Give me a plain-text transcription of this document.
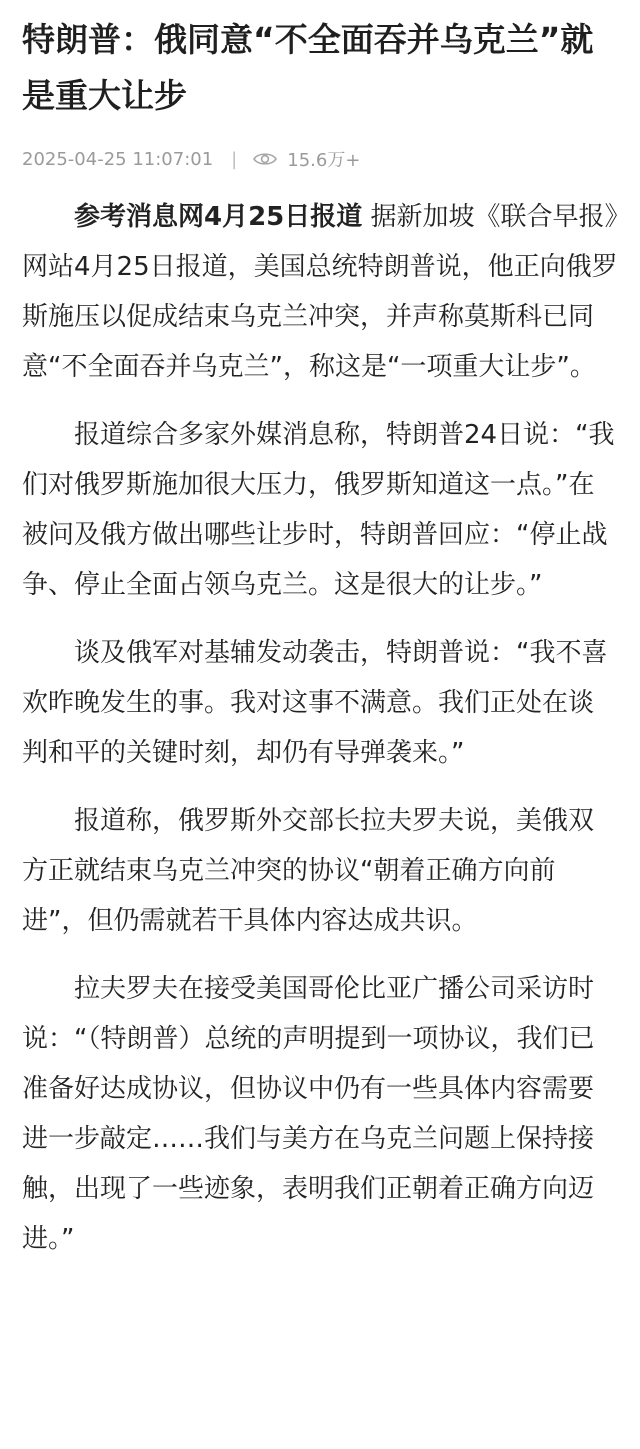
特朗普：俄同意“不全面吞并乌克兰”就是重大让步
2025-04-25 11:07:01 |	15.6万+

参考消息网4月25日报道 据新加坡《联合早报》网站4月25日报道，美国总统特朗普说，他正向俄罗斯施压以促成结束乌克兰冲突，并声称莫斯科已同意“不全面吞并乌克兰”，称这是“一项重大让步”。

报道综合多家外媒消息称，特朗普24日说：“我们对俄罗斯施加很大压力，俄罗斯知道这一点。”在被问及俄方做出哪些让步时，特朗普回应：“停止战争、停止全面占领乌克兰。这是很大的让步。”

谈及俄军对基辅发动袭击，特朗普说：“我不喜欢昨晚发生的事。我对这事不满意。我们正处在谈判和平的关键时刻，却仍有导弹袭来。”

报道称，俄罗斯外交部长拉夫罗夫说，美俄双方正就结束乌克兰冲突的协议“朝着正确方向前进”，但仍需就若干具体内容达成共识。

拉夫罗夫在接受美国哥伦比亚广播公司采访时说：“（特朗普）总统的声明提到一项协议，我们已准备好达成协议，但协议中仍有一些具体内容需要进一步敲定……我们与美方在乌克兰问题上保持接触，出现了一些迹象，表明我们正朝着正确方向迈进。”
